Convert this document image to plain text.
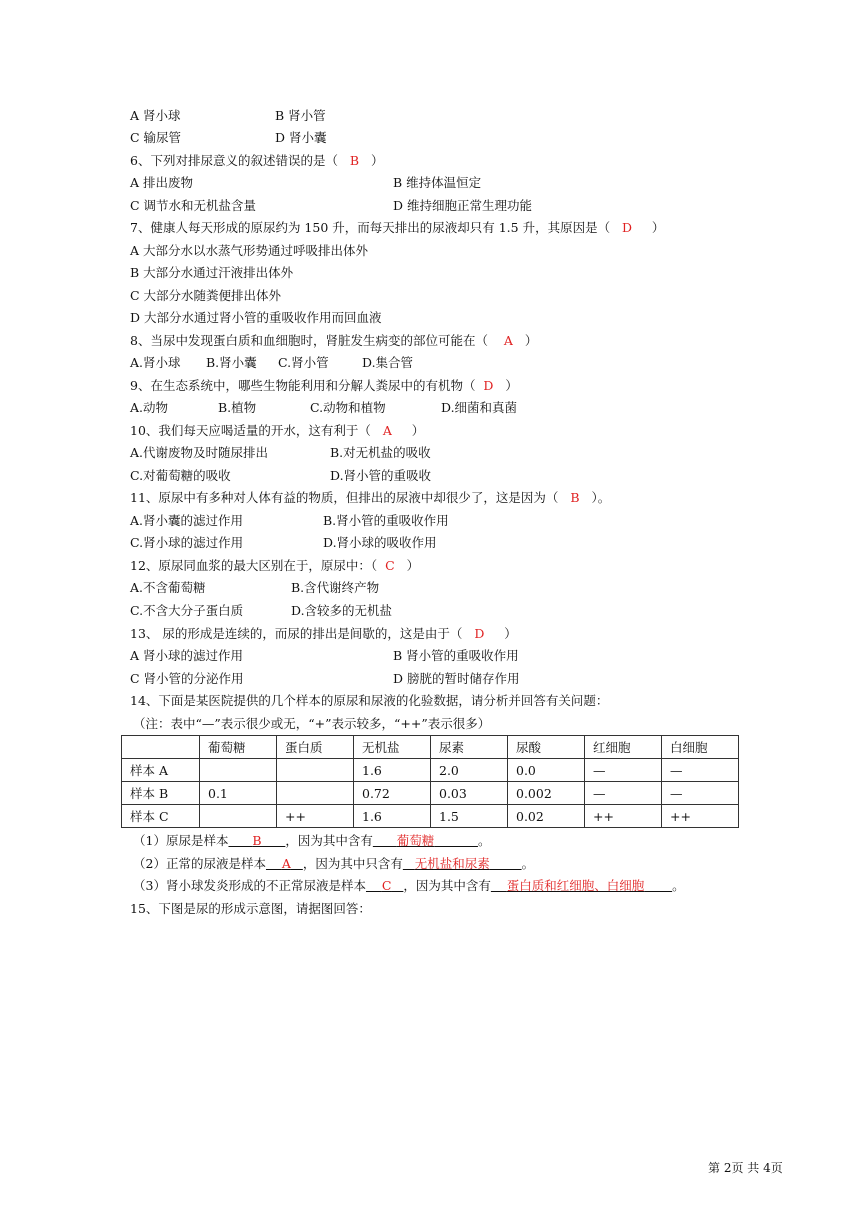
A 肾小球	B 肾小管
C 输尿管	D 肾小囊
6、下列对排尿意义的叙述错误的是（ B ）
A 排出废物	B 维持体温恒定
C 调节水和无机盐含量	D 维持细胞正常生理功能
7、健康人每天形成的原尿约为 150 升，而每天排出的尿液却只有 1.5 升，其原因是（ D ）
A 大部分水以水蒸气形势通过呼吸排出体外
B 大部分水通过汗液排出体外
C 大部分水随粪便排出体外
D 大部分水通过肾小管的重吸收作用而回血液
8、当尿中发现蛋白质和血细胞时，肾脏发生病变的部位可能在（ A ）
A.肾小球 B.肾小囊 C.肾小管	D.集合管
9、在生态系统中，哪些生物能利用和分解人粪尿中的有机物（ D ）
A.动物	B.植物	C.动物和植物	D.细菌和真菌
10、我们每天应喝适量的开水，这有利于（ A ）
A.代谢废物及时随尿排出	B.对无机盐的吸收
C.对葡萄糖的吸收	D.肾小管的重吸收
11、原尿中有多种对人体有益的物质，但排出的尿液中却很少了，这是因为（ B ）。
A.肾小囊的滤过作用	B.肾小管的重吸收作用
C.肾小球的滤过作用	D.肾小球的吸收作用
12、原尿同血浆的最大区别在于，原尿中：（ C ）
A.不含葡萄糖	B.含代谢终产物
C.不含大分子蛋白质	D.含较多的无机盐
13、 尿的形成是连续的，而尿的排出是间歇的，这是由于（ D ）
A 肾小球的滤过作用	B 肾小管的重吸收作用
C 肾小管的分泌作用	D 膀胱的暂时储存作用
14、下面是某医院提供的几个样本的原尿和尿液的化验数据，请分析并回答有关问题：
（注：表中“—”表示很少或无，“+”表示较多，“++”表示很多）
	葡萄糖	蛋白质	无机盐	尿素	尿酸	红细胞	白细胞
样本 A			1.6	2.0	0.0	—	—
样本 B	0.1		0.72	0.03	0.002	—	—
样本 C		++	1.6	1.5	0.02	++	++
（1）原尿是样本 B ，因为其中含有 葡萄糖	。
（2）正常的尿液是样本 A ，因为其中只含有 无机盐和尿素	。
（3）肾小球发炎形成的不正常尿液是样本 C ，因为其中含有 蛋白质和红细胞、白细胞 。
15、下图是尿的形成示意图，请据图回答：
第 2页 共 4页
